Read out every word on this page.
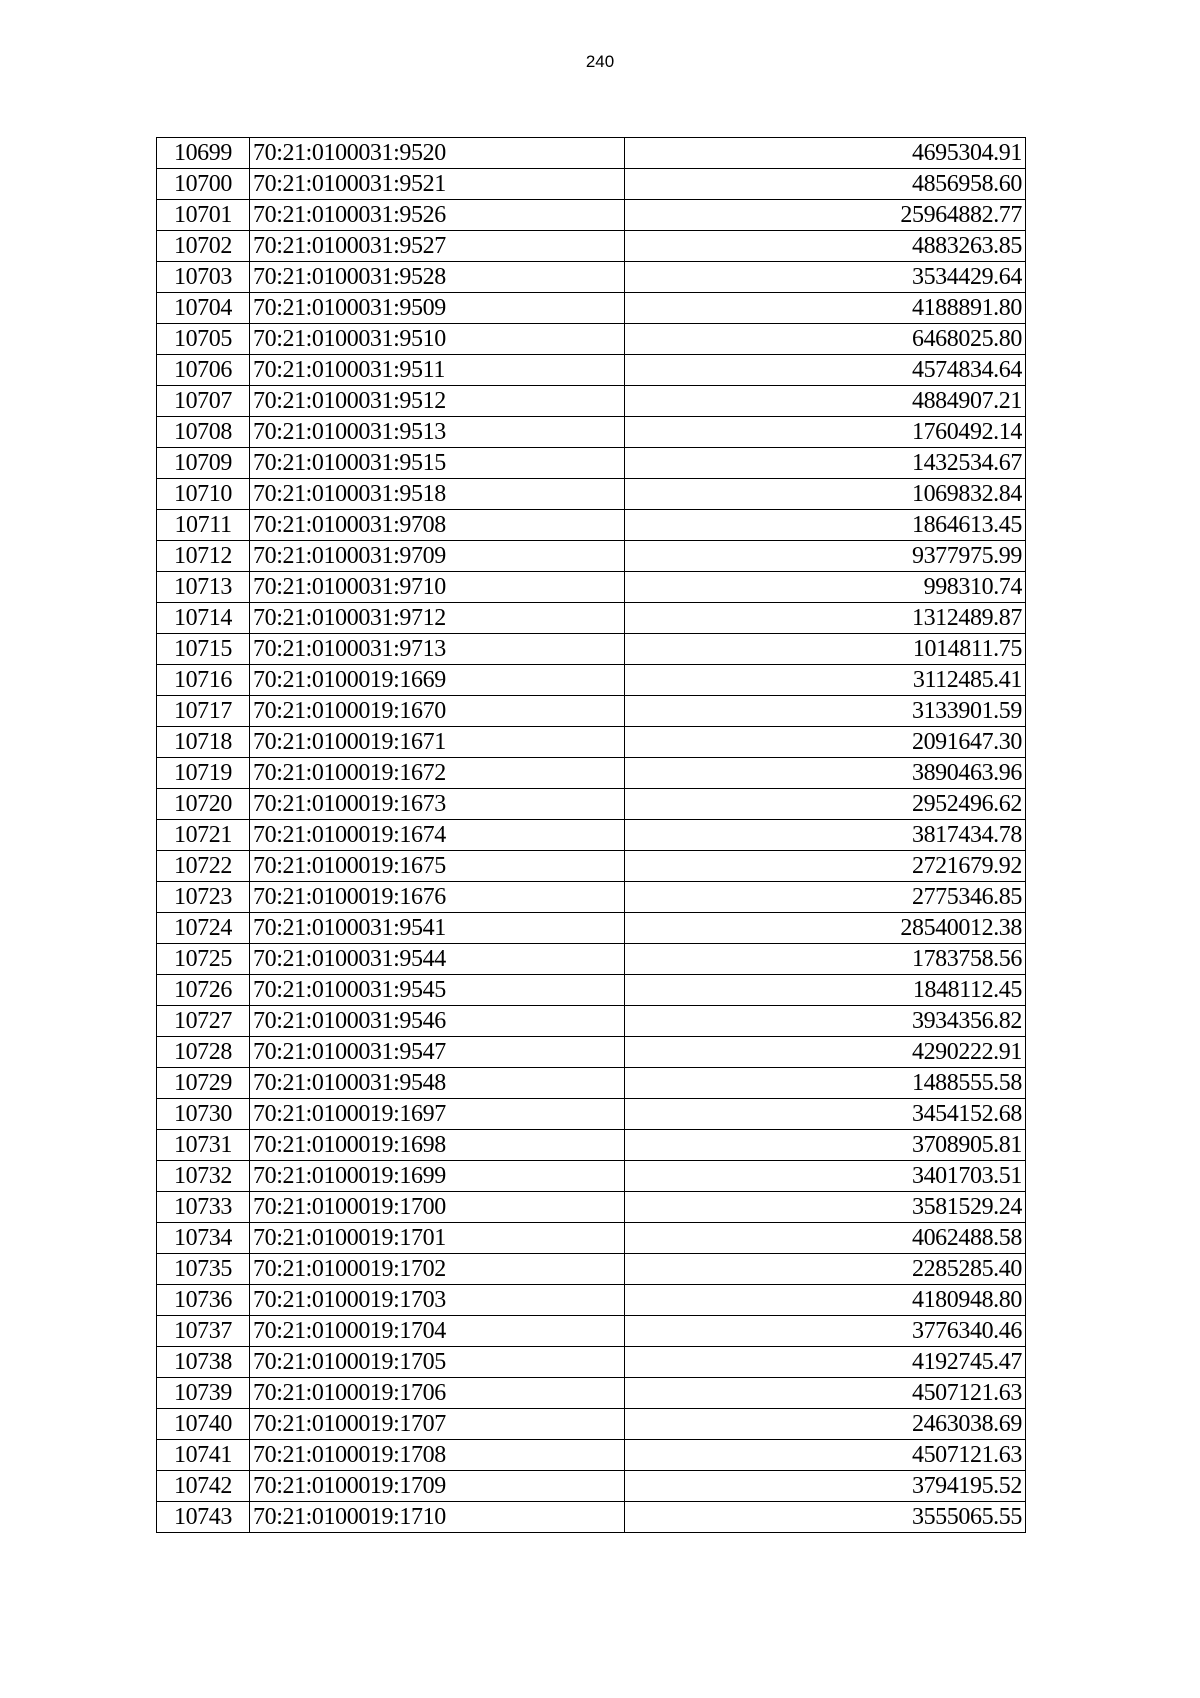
240
10699	70:21:0100031:9520	4695304.91
10700	70:21:0100031:9521	4856958.60
10701	70:21:0100031:9526	25964882.77
10702	70:21:0100031:9527	4883263.85
10703	70:21:0100031:9528	3534429.64
10704	70:21:0100031:9509	4188891.80
10705	70:21:0100031:9510	6468025.80
10706	70:21:0100031:9511	4574834.64
10707	70:21:0100031:9512	4884907.21
10708	70:21:0100031:9513	1760492.14
10709	70:21:0100031:9515	1432534.67
10710	70:21:0100031:9518	1069832.84
10711	70:21:0100031:9708	1864613.45
10712	70:21:0100031:9709	9377975.99
10713	70:21:0100031:9710	998310.74
10714	70:21:0100031:9712	1312489.87
10715	70:21:0100031:9713	1014811.75
10716	70:21:0100019:1669	3112485.41
10717	70:21:0100019:1670	3133901.59
10718	70:21:0100019:1671	2091647.30
10719	70:21:0100019:1672	3890463.96
10720	70:21:0100019:1673	2952496.62
10721	70:21:0100019:1674	3817434.78
10722	70:21:0100019:1675	2721679.92
10723	70:21:0100019:1676	2775346.85
10724	70:21:0100031:9541	28540012.38
10725	70:21:0100031:9544	1783758.56
10726	70:21:0100031:9545	1848112.45
10727	70:21:0100031:9546	3934356.82
10728	70:21:0100031:9547	4290222.91
10729	70:21:0100031:9548	1488555.58
10730	70:21:0100019:1697	3454152.68
10731	70:21:0100019:1698	3708905.81
10732	70:21:0100019:1699	3401703.51
10733	70:21:0100019:1700	3581529.24
10734	70:21:0100019:1701	4062488.58
10735	70:21:0100019:1702	2285285.40
10736	70:21:0100019:1703	4180948.80
10737	70:21:0100019:1704	3776340.46
10738	70:21:0100019:1705	4192745.47
10739	70:21:0100019:1706	4507121.63
10740	70:21:0100019:1707	2463038.69
10741	70:21:0100019:1708	4507121.63
10742	70:21:0100019:1709	3794195.52
10743	70:21:0100019:1710	3555065.55
